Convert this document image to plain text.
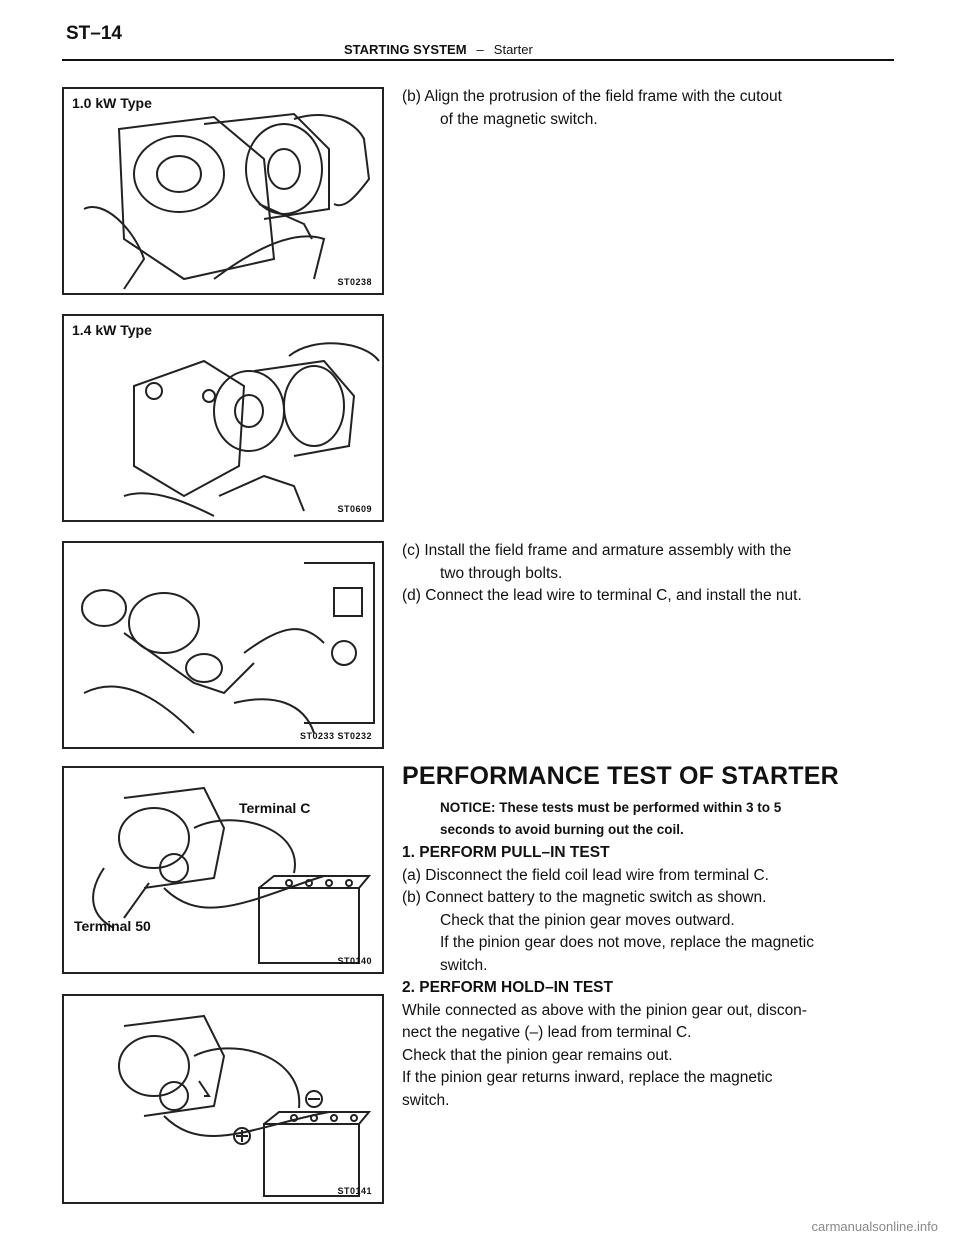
ST–14
STARTING SYSTEM – Starter
1.0 kW Type
ST0238
1.4 kW Type
ST0609
ST0233 ST0232
Terminal C
Terminal 50
ST0140
ST0141
(b) Align the protrusion of the field frame with the cutout
of the magnetic switch.
(c) Install the field frame and armature assembly with the
two through bolts.
(d) Connect the lead wire to terminal C, and install the nut.
PERFORMANCE TEST OF STARTER
NOTICE: These tests must be performed within 3 to 5
seconds to avoid burning out the coil.
1. PERFORM PULL–IN TEST
(a) Disconnect the field coil lead wire from terminal C.
(b) Connect battery to the magnetic switch as shown.
Check that the pinion gear moves outward.
If the pinion gear does not move, replace the magnetic
switch.
2. PERFORM HOLD–IN TEST
While connected as above with the pinion gear out, discon-
nect the negative (–) lead from terminal C.
Check that the pinion gear remains out.
If the pinion gear returns inward, replace the magnetic
switch.
carmanualsonline.info
